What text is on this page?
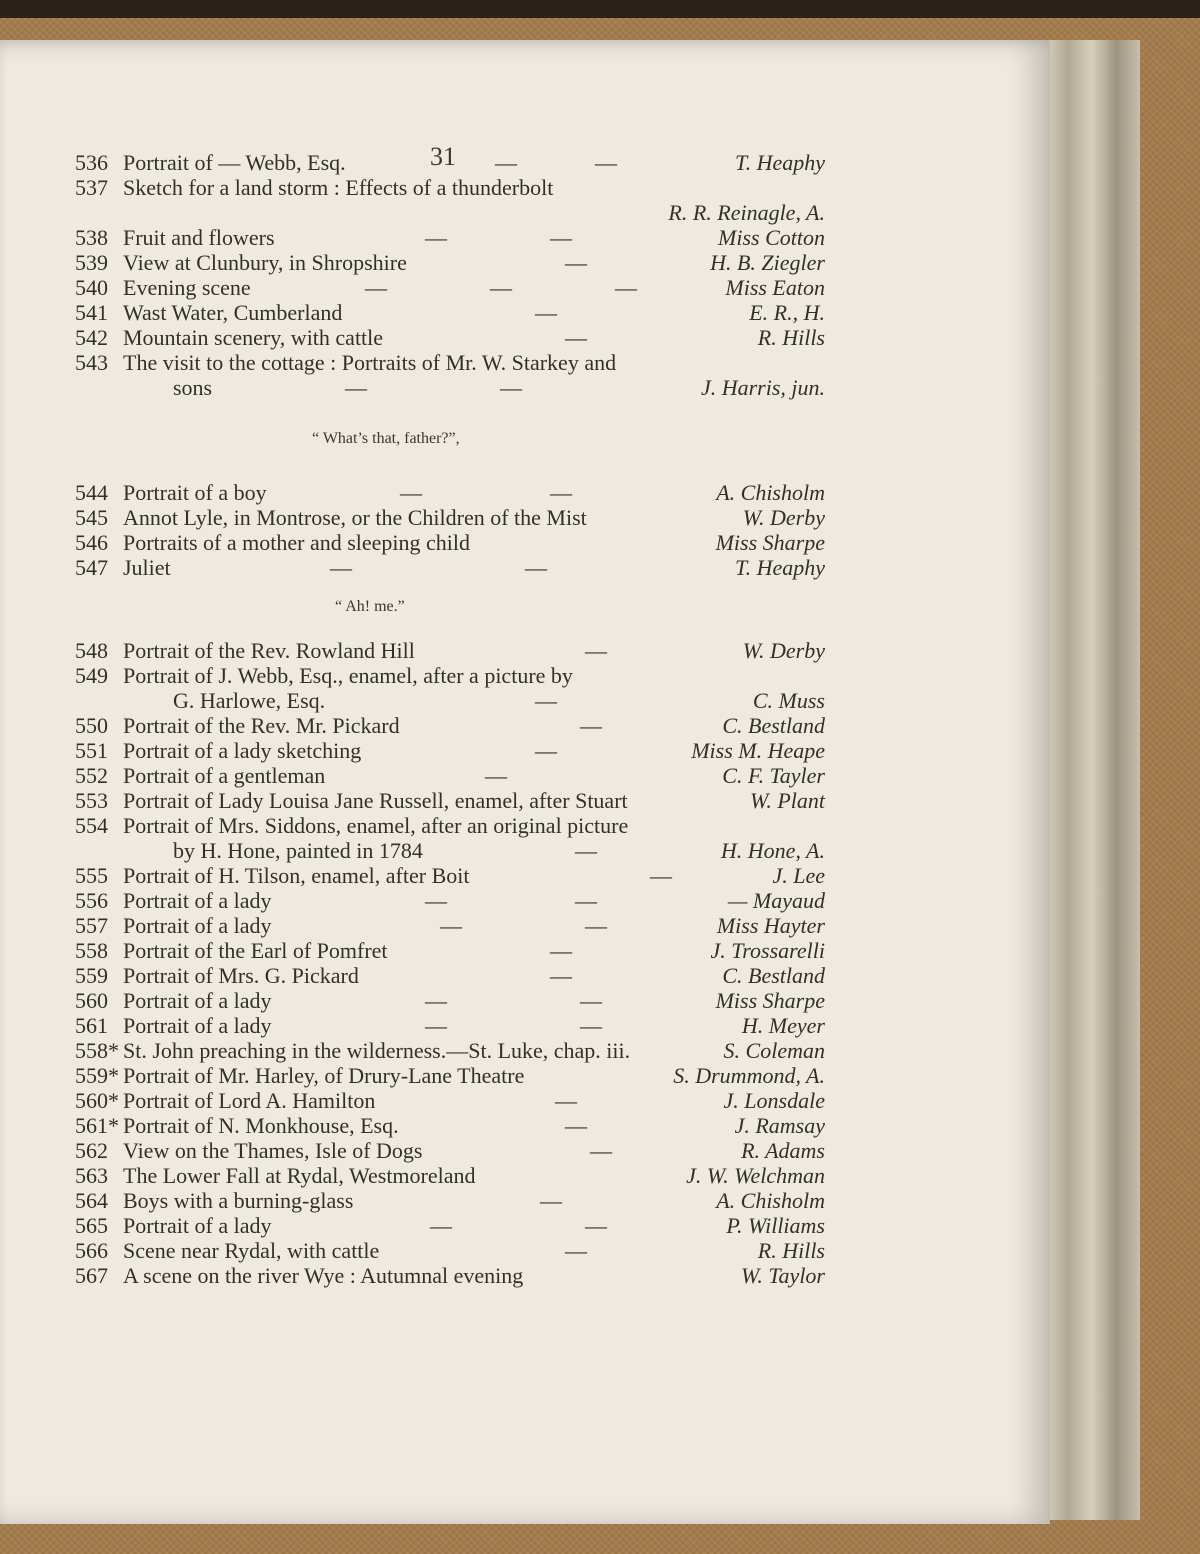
31
536 Portrait of — Webb, Esq.	—	—	T. Heaphy
537 Sketch for a land storm : Effects of a thunderbolt
R. R. Reinagle, A.
538 Fruit and flowers	—	—	Miss Cotton
539 View at Clunbury, in Shropshire	—	H. B. Ziegler
540 Evening scene	—	—	—	Miss Eaton
541 Wast Water, Cumberland	—	E. R., H.
542 Mountain scenery, with cattle	—	R. Hills
543 The visit to the cottage : Portraits of Mr. W. Starkey and
sons	—	—	J. Harris, jun.
544 Portrait of a boy	—	—	A. Chisholm
545 Annot Lyle, in Montrose, or the Children of the Mist	W. Derby
546 Portraits of a mother and sleeping child	Miss Sharpe
547 Juliet	—	—	T. Heaphy
548 Portrait of the Rev. Rowland Hill	—	W. Derby
549 Portrait of J. Webb, Esq., enamel, after a picture by
G. Harlowe, Esq.	—	C. Muss
550 Portrait of the Rev. Mr. Pickard	—	C. Bestland
551 Portrait of a lady sketching	—	Miss M. Heape
552 Portrait of a gentleman	—	C. F. Tayler
553 Portrait of Lady Louisa Jane Russell, enamel, after Stuart	W. Plant
554 Portrait of Mrs. Siddons, enamel, after an original picture
by H. Hone, painted in 1784	—	H. Hone, A.
555 Portrait of H. Tilson, enamel, after Boit	—	J. Lee
556 Portrait of a lady	—	—	— Mayaud
557 Portrait of a lady	—	—	Miss Hayter
558 Portrait of the Earl of Pomfret	—	J. Trossarelli
559 Portrait of Mrs. G. Pickard	—	C. Bestland
560 Portrait of a lady	—	—	Miss Sharpe
561 Portrait of a lady	—	—	H. Meyer
558* St. John preaching in the wilderness.—St. Luke, chap. iii.	S. Coleman
559* Portrait of Mr. Harley, of Drury-Lane Theatre	S. Drummond, A.
560* Portrait of Lord A. Hamilton	—	J. Lonsdale
561* Portrait of N. Monkhouse, Esq.	—	J. Ramsay
562 View on the Thames, Isle of Dogs	—	R. Adams
563 The Lower Fall at Rydal, Westmoreland	J. W. Welchman
564 Boys with a burning-glass	—	A. Chisholm
565 Portrait of a lady	—	—	P. Williams
566 Scene near Rydal, with cattle	—	R. Hills
567 A scene on the river Wye : Autumnal evening	W. Taylor
“ What’s that, father?”,
“ Ah! me.”
